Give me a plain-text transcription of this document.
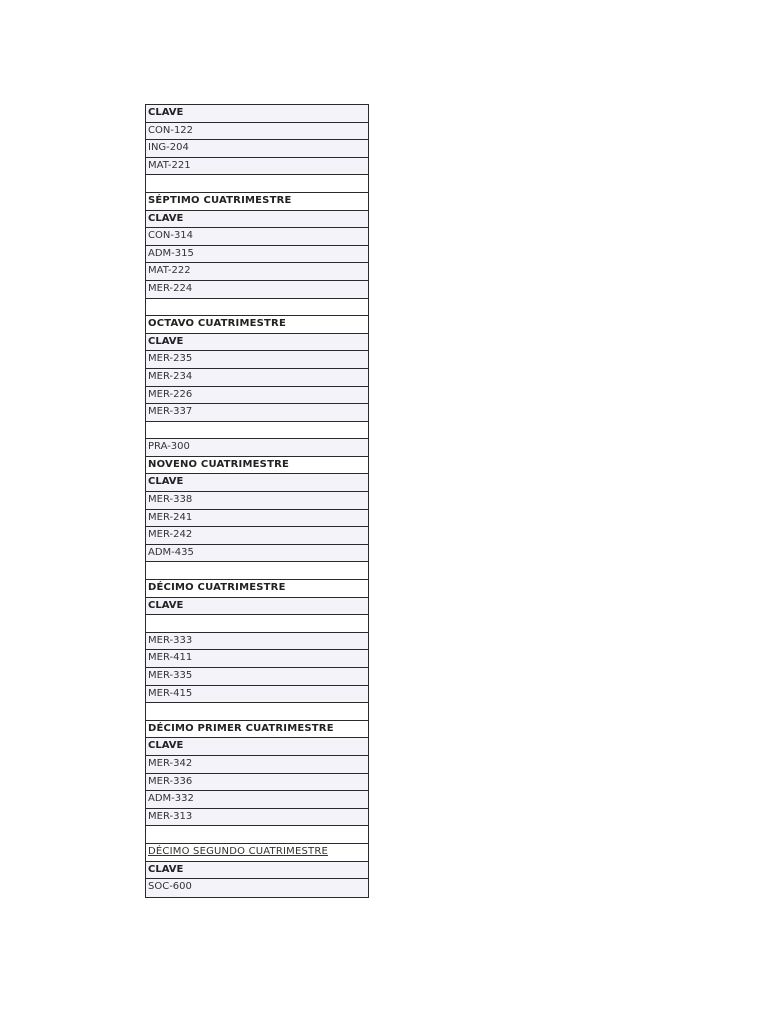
CLAVE
CON-122
ING-204
MAT-221
SÉPTIMO CUATRIMESTRE
CLAVE
CON-314
ADM-315
MAT-222
MER-224
OCTAVO CUATRIMESTRE
CLAVE
MER-235
MER-234
MER-226
MER-337
PRA-300
NOVENO CUATRIMESTRE
CLAVE
MER-338
MER-241
MER-242
ADM-435
DÉCIMO CUATRIMESTRE
CLAVE
MER-333
MER-411
MER-335
MER-415
DÉCIMO PRIMER CUATRIMESTRE
CLAVE
MER-342
MER-336
ADM-332
MER-313
DÉCIMO SEGUNDO CUATRIMESTRE
CLAVE
SOC-600
